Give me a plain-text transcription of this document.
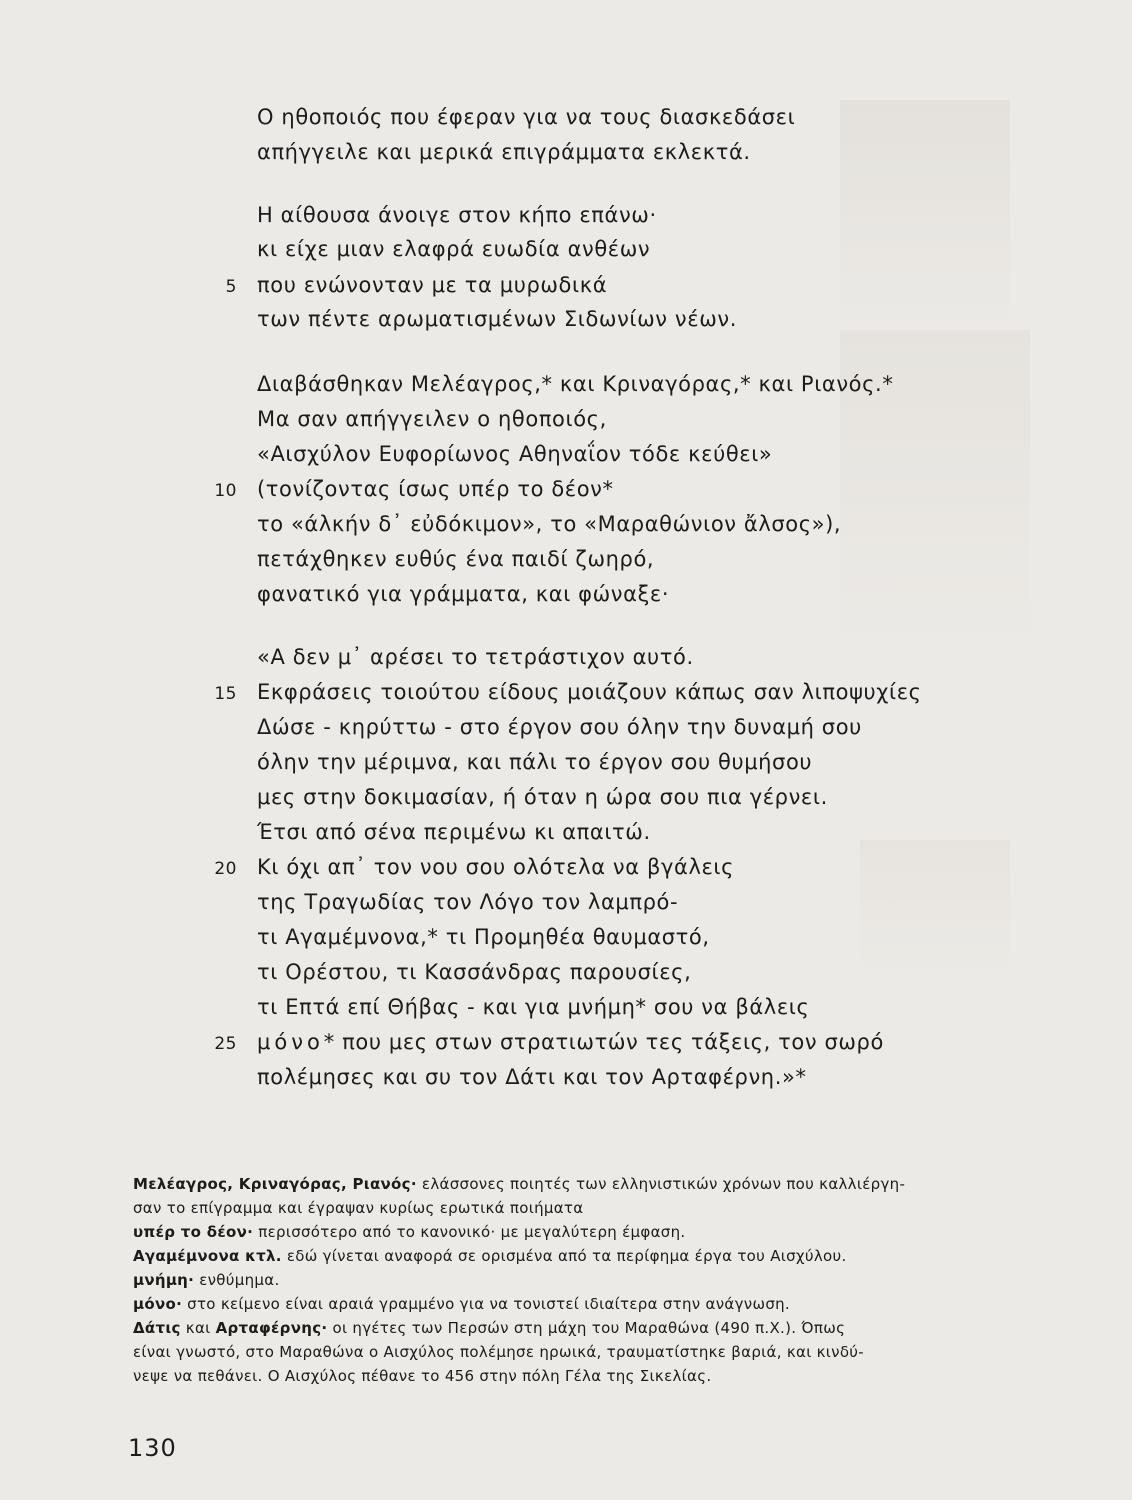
Ο ηθοποιός που έφεραν για να τους διασκεδάσει
απήγγειλε και μερικά επιγράμματα εκλεκτά.
Η αίθουσα άνοιγε στον κήπο επάνω·
κι είχε μιαν ελαφρά ευωδία ανθέων
που ενώνονταν με τα μυρωδικά
5
των πέντε αρωματισμένων Σιδωνίων νέων.
Διαβάσθηκαν Μελέαγρος,* και Κριναγόρας,* και Ριανός.*
Μα σαν απήγγειλεν ο ηθοποιός,
«Αισχύλον Ευφορίωνος Αθηναΐον τόδε κεύθει»
(τονίζοντας ίσως υπέρ το δέον*
10
το «άλκήν δ᾿ εὐδόκιμον», το «Μαραθώνιον ἄλσος»),
πετάχθηκεν ευθύς ένα παιδί ζωηρό,
φανατικό για γράμματα, και φώναξε·
«Α δεν μ᾿ αρέσει το τετράστιχον αυτό.
Εκφράσεις τοιούτου είδους μοιάζουν κάπως σαν λιποψυχίες
15
Δώσε - κηρύττω - στο έργον σου όλην την δυναμή σου
όλην την μέριμνα, και πάλι το έργον σου θυμήσου
μες στην δοκιμασίαν, ή όταν η ώρα σου πια γέρνει.
Έτσι από σένα περιμένω κι απαιτώ.
Κι όχι απ᾿ τον νου σου ολότελα να βγάλεις
20
της Τραγωδίας τον Λόγο τον λαμπρό-
τι Αγαμέμνονα,* τι Προμηθέα θαυμαστό,
τι Ορέστου, τι Κασσάνδρας παρουσίες,
τι Επτά επί Θήβας - και για μνήμη* σου να βάλεις
μόνο* που μες στων στρατιωτών τες τάξεις, τον σωρό
25
πολέμησες και συ τον Δάτι και τον Αρταφέρνη.»*
Μελέαγρος, Κριναγόρας, Ριανός· ελάσσονες ποιητές των ελληνιστικών χρόνων που καλλιέργη-
σαν το επίγραμμα και έγραψαν κυρίως ερωτικά ποιήματα
υπέρ το δέον· περισσότερο από το κανονικό· με μεγαλύτερη έμφαση.
Αγαμέμνονα κτλ. εδώ γίνεται αναφορά σε ορισμένα από τα περίφημα έργα του Αισχύλου.
μνήμη· ενθύμημα.
μόνο· στο κείμενο είναι αραιά γραμμένο για να τονιστεί ιδιαίτερα στην ανάγνωση.
Δάτις και Αρταφέρνης· οι ηγέτες των Περσών στη μάχη του Μαραθώνα (490 π.Χ.). Όπως
είναι γνωστό, στο Μαραθώνα ο Αισχύλος πολέμησε ηρωικά, τραυματίστηκε βαριά, και κινδύ-
νεψε να πεθάνει. Ο Αισχύλος πέθανε το 456 στην πόλη Γέλα της Σικελίας.
130
